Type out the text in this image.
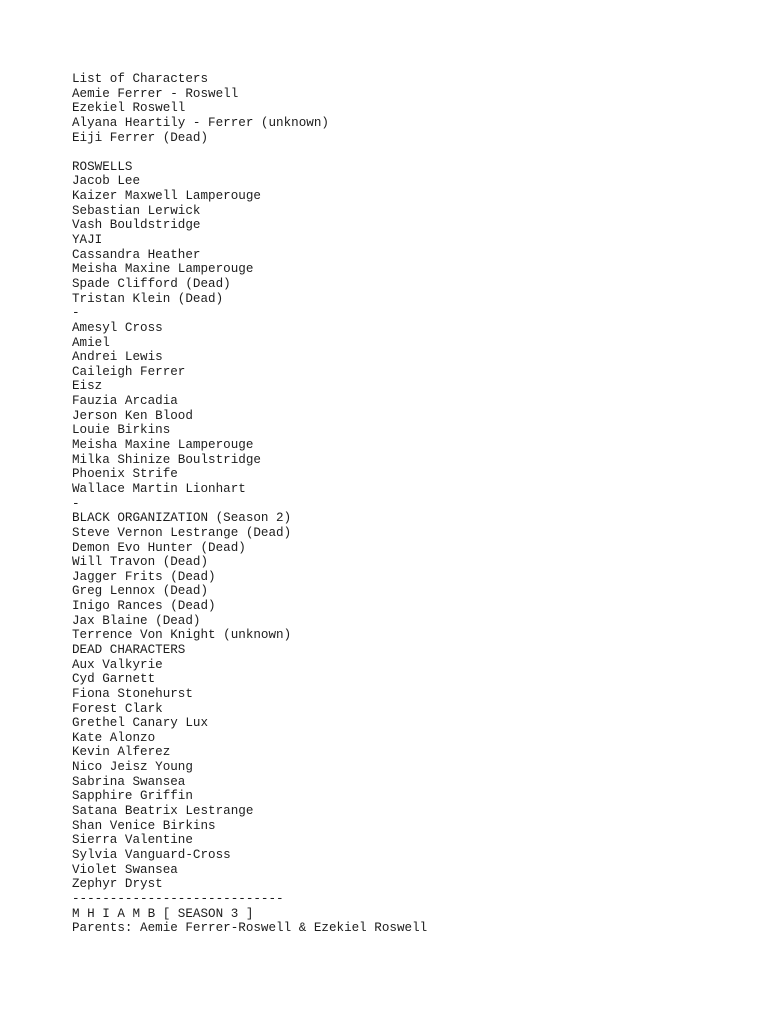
List of Characters
Aemie Ferrer - Roswell
Ezekiel Roswell
Alyana Heartily - Ferrer (unknown)
Eiji Ferrer (Dead)
ROSWELLS
Jacob Lee
Kaizer Maxwell Lamperouge
Sebastian Lerwick
Vash Bouldstridge
YAJI
Cassandra Heather
Meisha Maxine Lamperouge
Spade Clifford (Dead)
Tristan Klein (Dead)
-
Amesyl Cross
Amiel
Andrei Lewis
Caileigh Ferrer
Eisz
Fauzia Arcadia
Jerson Ken Blood
Louie Birkins
Meisha Maxine Lamperouge
Milka Shinize Boulstridge
Phoenix Strife
Wallace Martin Lionhart
-
BLACK ORGANIZATION (Season 2)
Steve Vernon Lestrange (Dead)
Demon Evo Hunter (Dead)
Will Travon (Dead)
Jagger Frits (Dead)
Greg Lennox (Dead)
Inigo Rances (Dead)
Jax Blaine (Dead)
Terrence Von Knight (unknown)
DEAD CHARACTERS
Aux Valkyrie
Cyd Garnett
Fiona Stonehurst
Forest Clark
Grethel Canary Lux
Kate Alonzo
Kevin Alferez
Nico Jeisz Young
Sabrina Swansea
Sapphire Griffin
Satana Beatrix Lestrange
Shan Venice Birkins
Sierra Valentine
Sylvia Vanguard-Cross
Violet Swansea
Zephyr Dryst
----------------------------
M H I A M B [ SEASON 3 ]
Parents: Aemie Ferrer-Roswell & Ezekiel Roswell
